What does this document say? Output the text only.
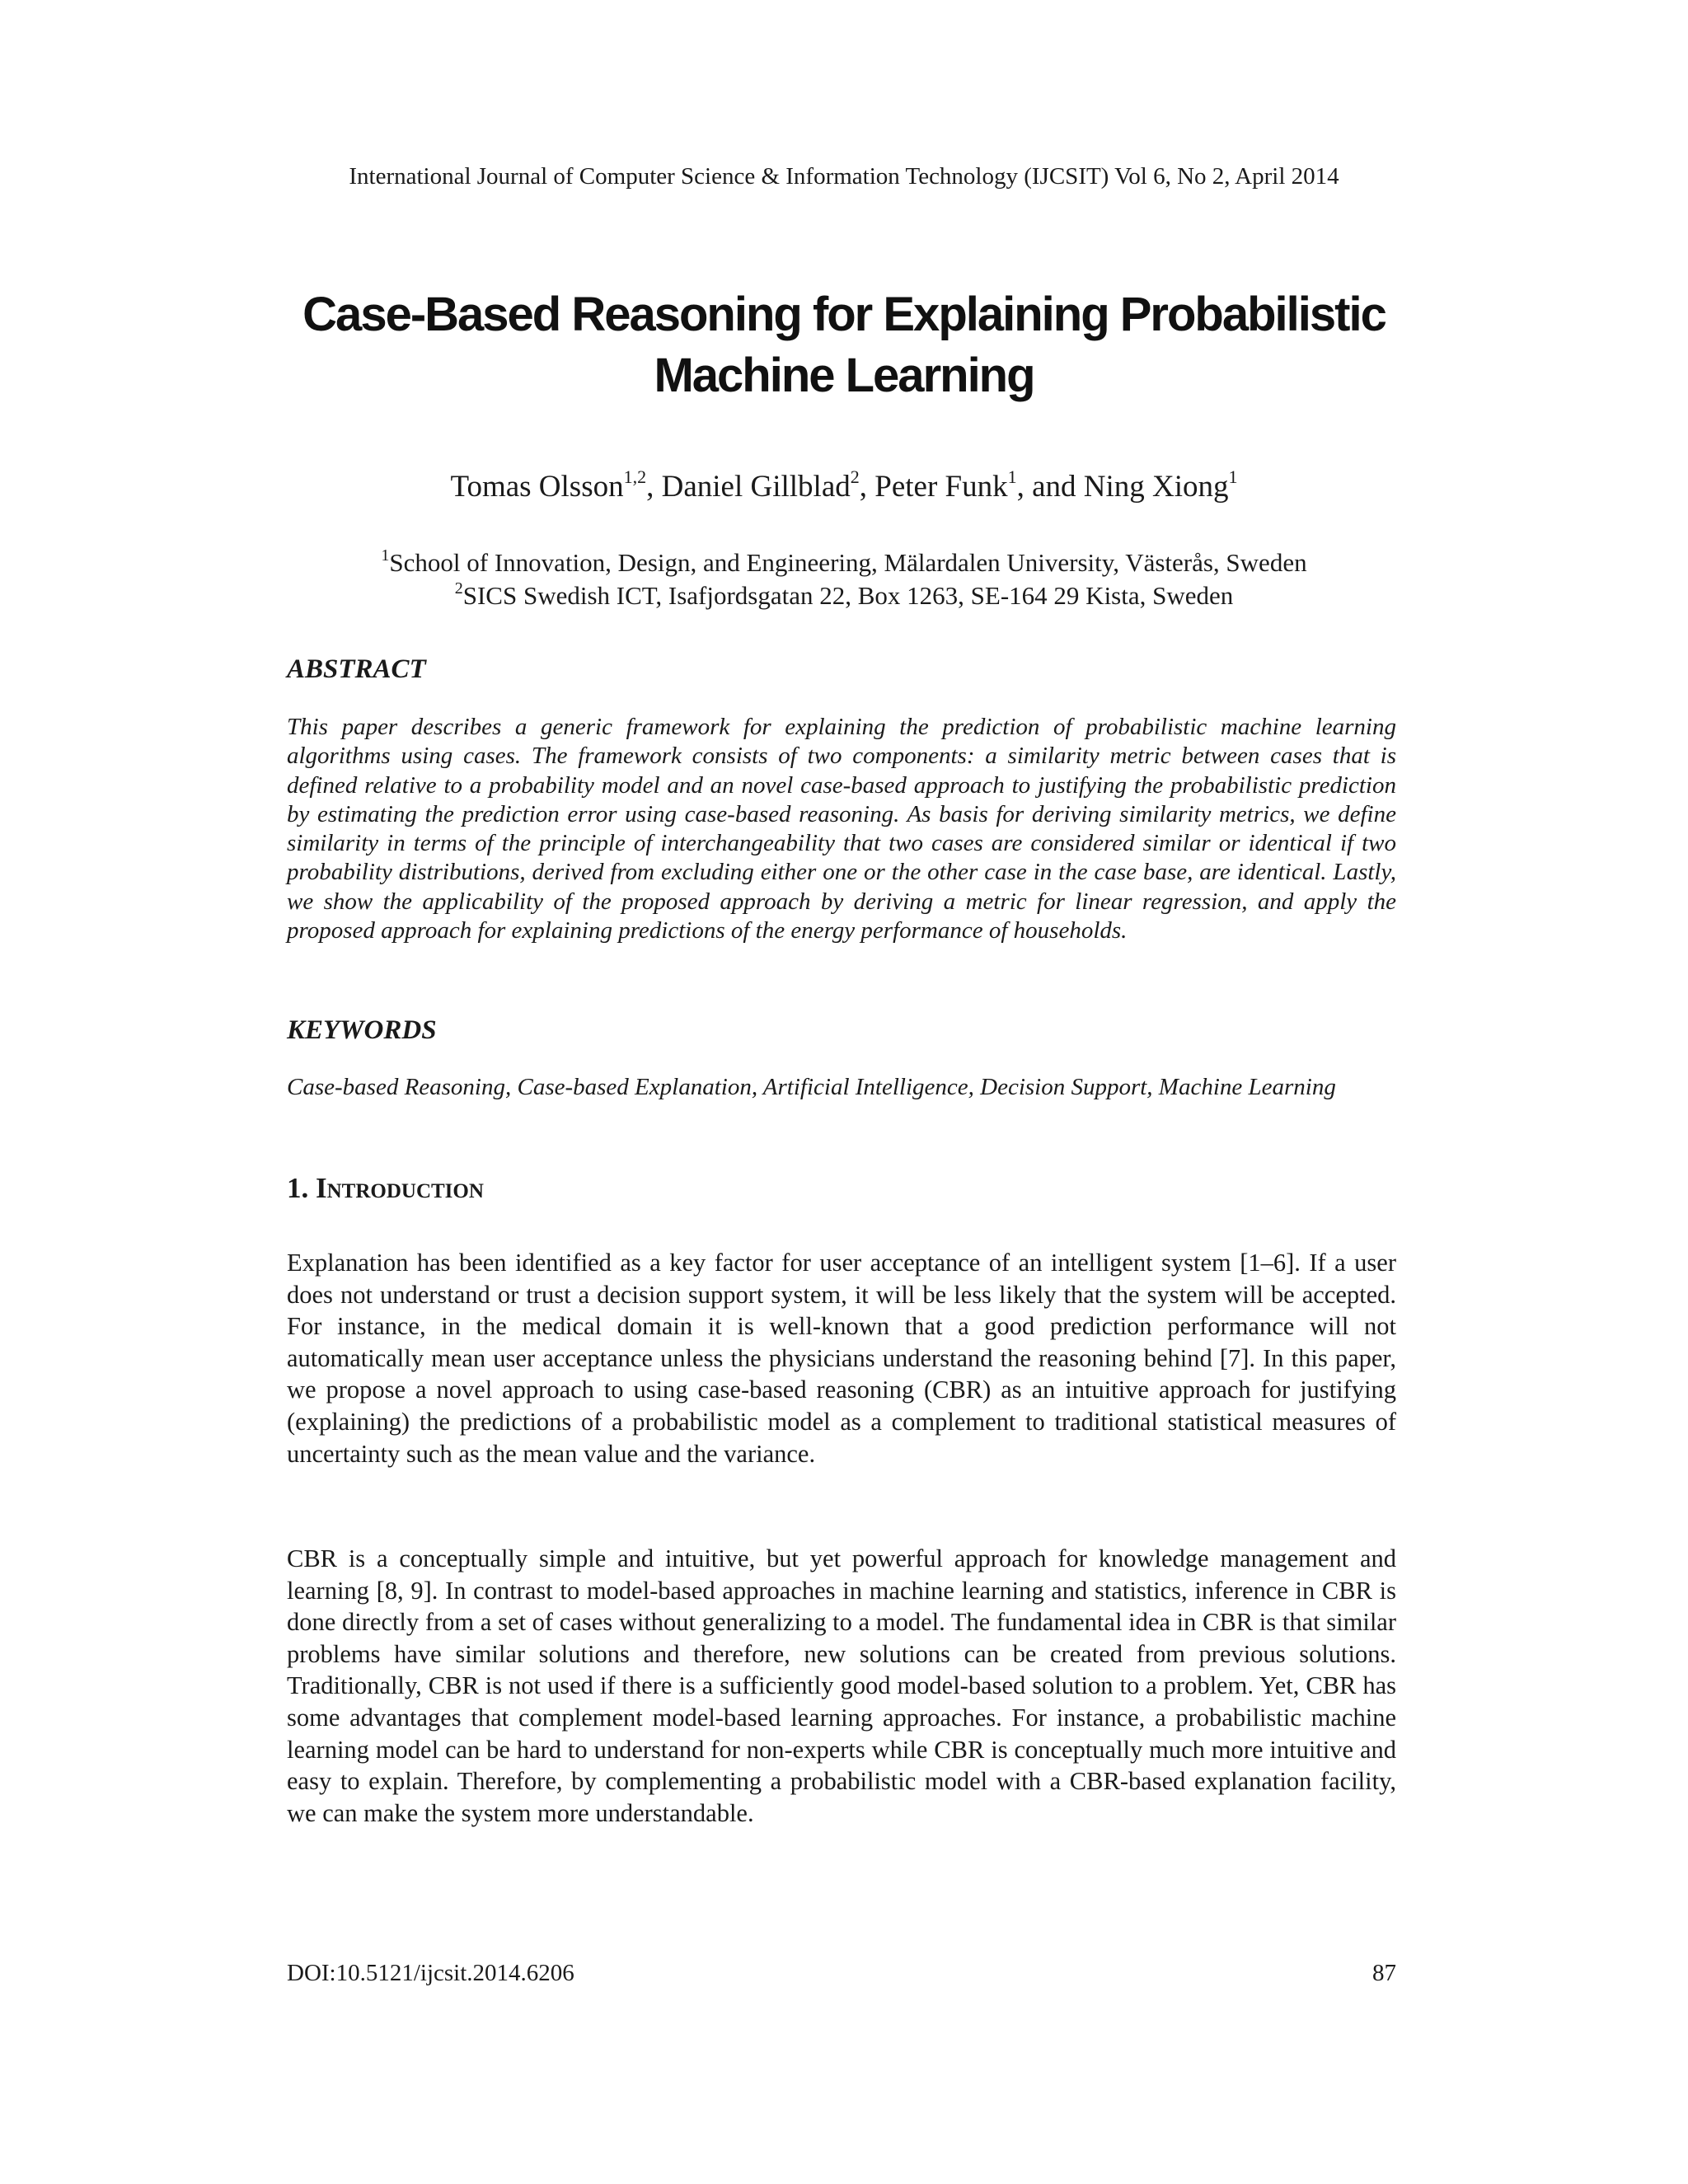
International Journal of Computer Science & Information Technology (IJCSIT) Vol 6, No 2, April 2014
Case-Based Reasoning for Explaining Probabilistic
Machine Learning
Tomas Olsson$^{1,2}$, Daniel Gillblad$^2$, Peter Funk$^1$, and Ning Xiong$^1$
$^1$School of Innovation, Design, and Engineering, Mälardalen University, Västerås, Sweden
$^2$SICS Swedish ICT, Isafjordsgatan 22, Box 1263, SE-164 29 Kista, Sweden
ABSTRACT
This paper describes a generic framework for explaining the prediction of probabilistic machine learning algorithms using cases. The framework consists of two components: a similarity metric between cases that is defined relative to a probability model and an novel case-based approach to justifying the probabilistic prediction by estimating the prediction error using case-based reasoning. As basis for deriving similarity metrics, we define similarity in terms of the principle of interchangeability that two cases are considered similar or identical if two probability distributions, derived from excluding either one or the other case in the case base, are identical. Lastly, we show the applicability of the proposed approach by deriving a metric for linear regression, and apply the proposed approach for explaining predictions of the energy performance of households.
KEYWORDS
Case-based Reasoning, Case-based Explanation, Artificial Intelligence, Decision Support, Machine Learning
1. Introduction
Explanation has been identified as a key factor for user acceptance of an intelligent system [1–6]. If a user does not understand or trust a decision support system, it will be less likely that the system will be accepted. For instance, in the medical domain it is well-known that a good prediction performance will not automatically mean user acceptance unless the physicians understand the reasoning behind [7]. In this paper, we propose a novel approach to using case-based reasoning (CBR) as an intuitive approach for justifying (explaining) the predictions of a probabilistic model as a complement to traditional statistical measures of uncertainty such as the mean value and the variance.
CBR is a conceptually simple and intuitive, but yet powerful approach for knowledge management and learning [8, 9]. In contrast to model-based approaches in machine learning and statistics, inference in CBR is done directly from a set of cases without generalizing to a model. The fundamental idea in CBR is that similar problems have similar solutions and therefore, new solutions can be created from previous solutions. Traditionally, CBR is not used if there is a sufficiently good model-based solution to a problem. Yet, CBR has some advantages that complement model-based learning approaches. For instance, a probabilistic machine learning model can be hard to understand for non-experts while CBR is conceptually much more intuitive and easy to explain. Therefore, by complementing a probabilistic model with a CBR-based explanation facility, we can make the system more understandable.
DOI:10.5121/ijcsit.2014.6206	87
